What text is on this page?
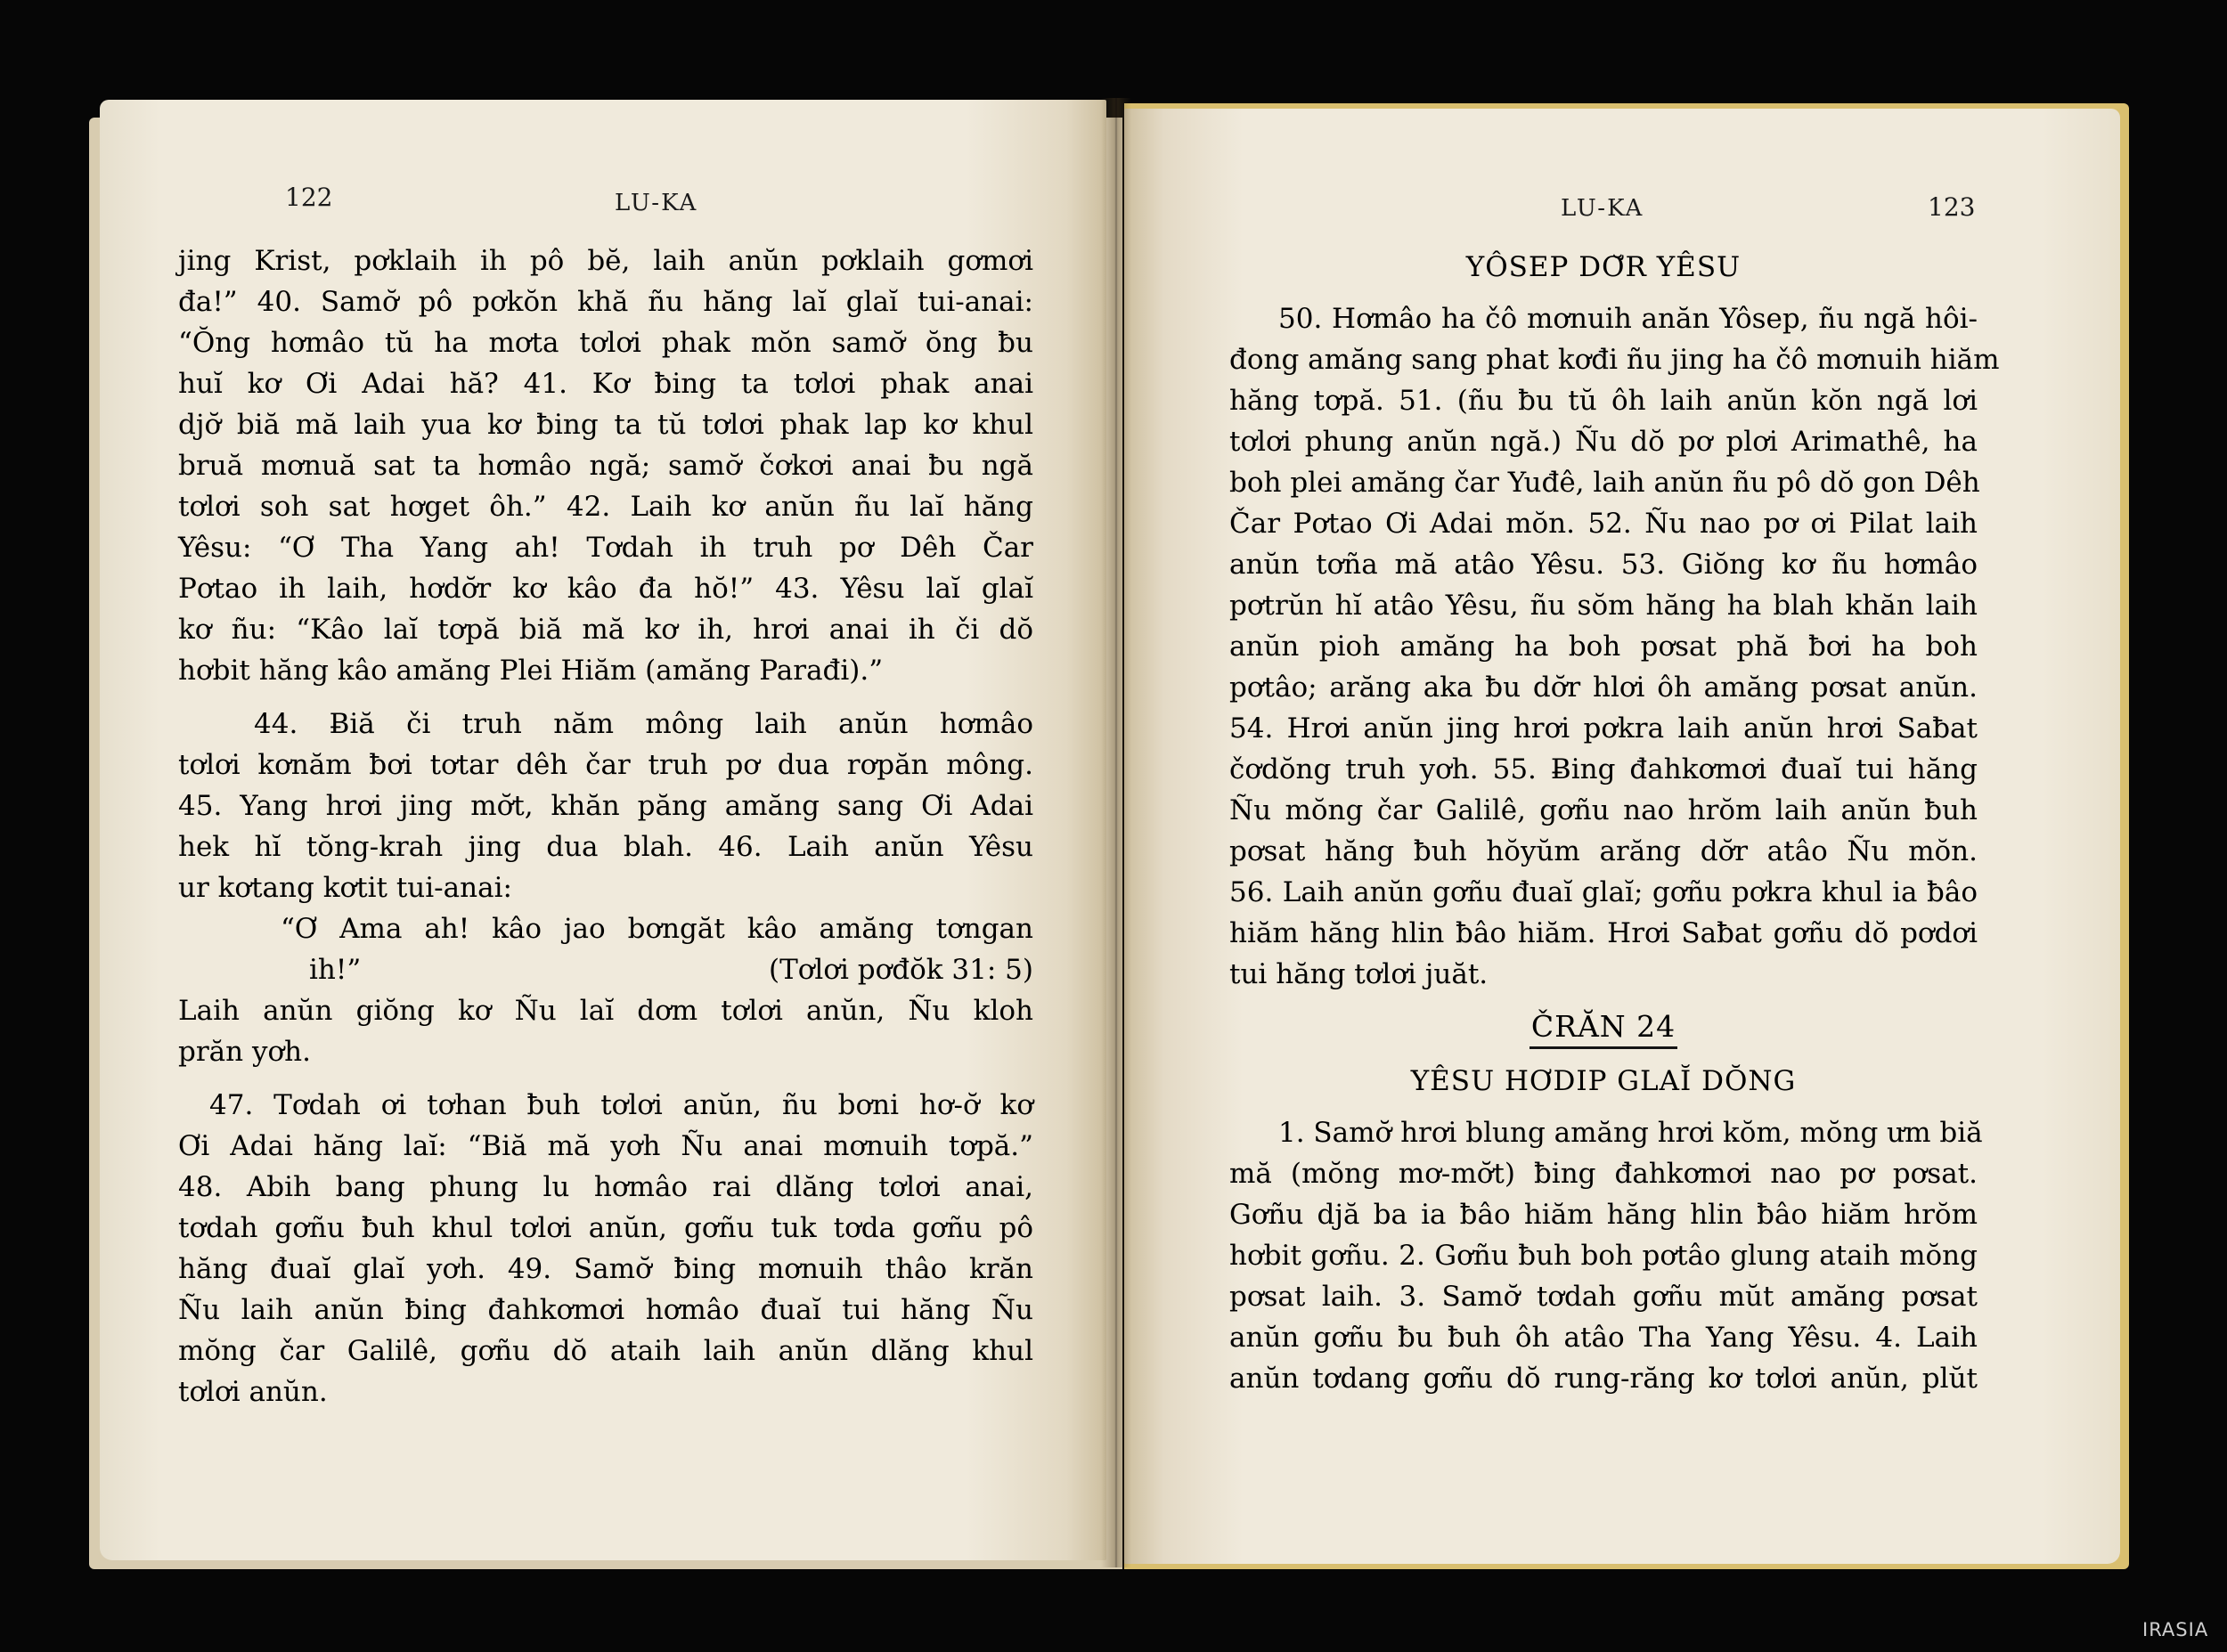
122	LU-KA
jing Krist, pơklaih ih pô bĕ, laih anŭn pơklaih gơmơi
đa!” 40. Samơ̆ pô pơkŏn khă ñu hăng laĭ glaĭ tui-anai:
“Ŏng hơmâo tŭ ha mơta tơlơi phak mŏn samơ̆ ŏng ƀu
huĭ kơ Ơi Adai hă? 41. Kơ ƀing ta tơlơi phak anai
djơ̆ biă mă laih yua kơ ƀing ta tŭ tơlơi phak lap kơ khul
bruă mơnuă sat ta hơmâo ngă; samơ̆ čơkơi anai ƀu ngă
tơlơi soh sat hơget ôh.” 42. Laih kơ anŭn ñu laĭ hăng
Yêsu: “Ơ Tha Yang ah! Tơdah ih truh pơ Dêh Čar
Pơtao ih laih, hơdơ̆r kơ kâo đa hŏ!” 43. Yêsu laĭ glaĭ
kơ ñu: “Kâo laĭ tơpă biă mă kơ ih, hrơi anai ih či dŏ
hơbit hăng kâo amăng Plei Hiăm (amăng Parađi).”
44. Ƀiă či truh năm mông laih anŭn hơmâo
tơlơi kơnăm ƀơi tơtar dêh čar truh pơ dua rơpăn mông.
45. Yang hrơi jing mơ̆t, khăn păng amăng sang Ơi Adai
hek hĭ tŏng-krah jing dua blah. 46. Laih anŭn Yêsu
ur kơtang kơtit tui-anai:
“Ơ Ama ah! kâo jao bơngăt kâo amăng tơngan
ih!”	(Tơlơi pơđŏk 31: 5)
Laih anŭn giŏng kơ Ñu laĭ dơm tơlơi anŭn, Ñu kloh
prăn yơh.
47. Tơdah ơi tơhan ƀuh tơlơi anŭn, ñu bơni hơ-ơ̆ kơ
Ơi Adai hăng laĭ: “Biă mă yơh Ñu anai mơnuih tơpă.”
48. Abih bang phung lu hơmâo rai dlăng tơlơi anai,
tơdah gơñu ƀuh khul tơlơi anŭn, gơñu tuk tơda gơñu pô
hăng đuaĭ glaĭ yơh. 49. Samơ̆ ƀing mơnuih thâo krăn
Ñu laih anŭn ƀing đahkơmơi hơmâo đuaĭ tui hăng Ñu
mŏng čar Galilê, gơñu dŏ ataih laih anŭn dlăng khul
tơlơi anŭn.
LU-KA	123
YÔSEP DƠ̆R YÊSU
50. Hơmâo ha čô mơnuih anăn Yôsep, ñu ngă hôi-
đong amăng sang phat kơđi ñu jing ha čô mơnuih hiăm
hăng tơpă. 51. (ñu ƀu tŭ ôh laih anŭn kŏn ngă lơi
tơlơi phung anŭn ngă.) Ñu dŏ pơ plơi Arimathê, ha
boh plei amăng čar Yuđê, laih anŭn ñu pô dŏ gon Dêh
Čar Pơtao Ơi Adai mŏn. 52. Ñu nao pơ ơi Pilat laih
anŭn tơña mă atâo Yêsu. 53. Giŏng kơ ñu hơmâo
pơtrŭn hĭ atâo Yêsu, ñu sŏm hăng ha blah khăn laih
anŭn pioh amăng ha boh pơsat phă ƀơi ha boh
pơtâo; arăng aka ƀu dơ̆r hlơi ôh amăng pơsat anŭn.
54. Hrơi anŭn jing hrơi pơkra laih anŭn hrơi Saƀat
čơdŏng truh yơh. 55. Ƀing đahkơmơi đuaĭ tui hăng
Ñu mŏng čar Galilê, gơñu nao hrŏm laih anŭn ƀuh
pơsat hăng ƀuh hŏyŭm arăng dơ̆r atâo Ñu mŏn.
56. Laih anŭn gơñu đuaĭ glaĭ; gơñu pơkra khul ia ƀâo
hiăm hăng hlin ƀâo hiăm. Hrơi Saƀat gơñu dŏ pơdơi
tui hăng tơlơi juăt.
ČRĂN 24
YÊSU HƠDIP GLAĬ DŎNG
1. Samơ̆ hrơi blung amăng hrơi kŏm, mŏng ưm biă
mă (mŏng mơ-mơ̆t) ƀing đahkơmơi nao pơ pơsat.
Gơñu djă ba ia ƀâo hiăm hăng hlin ƀâo hiăm hrŏm
hơbit gơñu. 2. Gơñu ƀuh boh pơtâo glung ataih mŏng
pơsat laih. 3. Samơ̆ tơdah gơñu mŭt amăng pơsat
anŭn gơñu ƀu ƀuh ôh atâo Tha Yang Yêsu. 4. Laih
anŭn tơdang gơñu dŏ rung-răng kơ tơlơi anŭn, plŭt
IRASIA
